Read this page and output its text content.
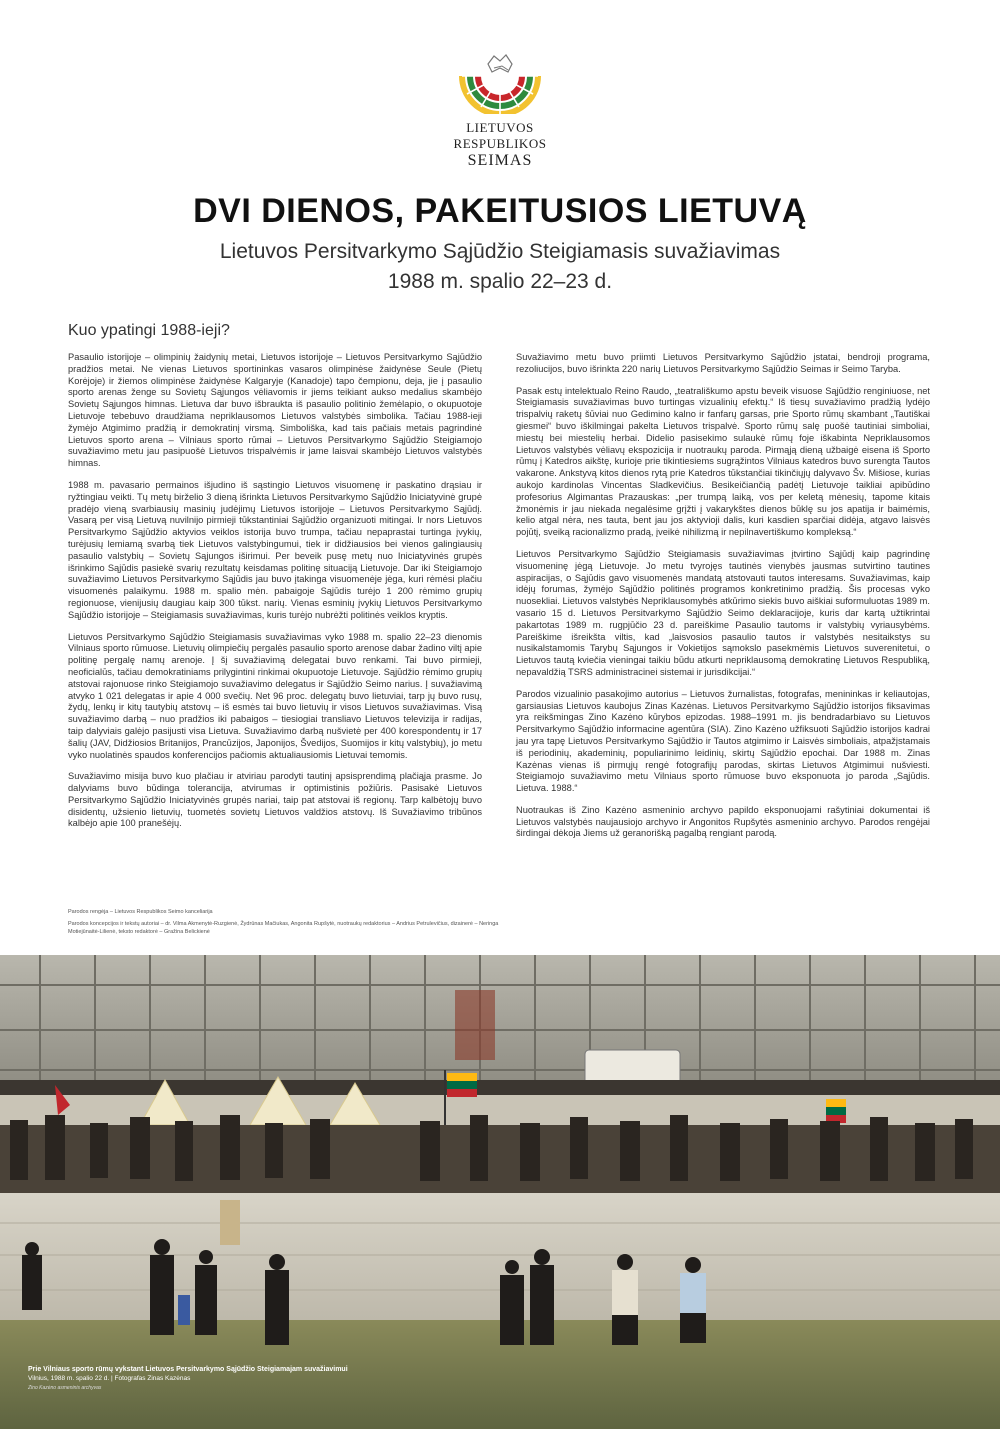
LIETUVOS RESPUBLIKOS
SEIMAS
DVI DIENOS, PAKEITUSIOS LIETUVĄ
Lietuvos Persitvarkymo Sąjūdžio Steigiamasis suvažiavimas
1988 m. spalio 22–23 d.
Kuo ypatingi 1988-ieji?

Pasaulio istorijoje – olimpinių žaidynių metai, Lietuvos istorijoje – Lietuvos Persitvarkymo Sąjūdžio pradžios metai. Ne vienas Lietuvos sportininkas vasaros olimpinėse žaidynėse Seule (Pietų Korėjoje) ir žiemos olimpinėse žaidynėse Kalgaryje (Kanadoje) tapo čempionu, deja, jie į pasaulio sporto arenas ženge su Sovietų Sąjungos vėliavomis ir jiems teikiant aukso medalius skambėjo Sovietų Sąjungos himnas. Lietuva dar buvo išbraukta iš pasaulio politinio žemėlapio, o okupuotoje Lietuvoje tebebuvo draudžiama nepriklausomos Lietuvos valstybės simbolika. Tačiau 1988-ieji žymėjo Atgimimo pradžią ir demokratinį virsmą. Simboliška, kad tais pačiais metais pagrindinė Lietuvos sporto arena – Vilniaus sporto rūmai – Lietuvos Persitvarkymo Sąjūdžio Steigiamojo suvažiavimo metu jau pasipuošė Lietuvos trispalvėmis ir jame laisvai skambėjo Lietuvos valstybės himnas.

1988 m. pavasario permainos išjudino iš sąstingio Lietuvos visuomenę ir paskatino drąsiau ir ryžtingiau veikti. Tų metų birželio 3 dieną išrinkta Lietuvos Persitvarkymo Sąjūdžio Iniciatyvinė grupė pradėjo vieną svarbiausių masinių judėjimų Lietuvos istorijoje – Lietuvos Persitvarkymo Sąjūdį. Vasarą per visą Lietuvą nuvilnijo pirmieji tūkstantiniai Sąjūdžio organizuoti mitingai. Ir nors Lietuvos Persitvarkymo Sąjūdžio aktyvios veiklos istorija buvo trumpa, tačiau nepaprastai turtinga įvykių, turėjusių lemiamą svarbą tiek Lietuvos valstybingumui, tiek ir didžiausios bei vienos galingiausių pasaulio valstybių – Sovietų Sąjungos iširimui. Per beveik pusę metų nuo Iniciatyvinės grupės išrinkimo Sąjūdis pasiekė svarių rezultatų keisdamas politinę situaciją Lietuvoje. Dar iki Steigiamojo suvažiavimo Lietuvos Persitvarkymo Sąjūdis jau buvo įtakinga visuomenėje jėga, kuri rėmėsi plačiu visuomenės palaikymu. 1988 m. spalio mėn. pabaigoje Sąjūdis turėjo 1 200 rėmimo grupių regionuose, vienijusių daugiau kaip 300 tūkst. narių. Vienas esminių įvykių Lietuvos Persitvarkymo Sąjūdžio istorijoje – Steigiamasis suvažiavimas, kuris turėjo nubrėžti politinės veiklos kryptis.

Lietuvos Persitvarkymo Sąjūdžio Steigiamasis suvažiavimas vyko 1988 m. spalio 22–23 dienomis Vilniaus sporto rūmuose. Lietuvių olimpiečių pergalės pasaulio sporto arenose dabar žadino viltį apie politinę pergalę namų arenoje. Į šį suvažiavimą delegatai buvo renkami. Tai buvo pirmieji, neoficialūs, tačiau demokratiniams prilygintini rinkimai okupuotoje Lietuvoje. Sąjūdžio rėmimo grupių atstovai rajonuose rinko Steigiamojo suvažiavimo delegatus ir Sąjūdžio Seimo narius. Į suvažiavimą atvyko 1 021 delegatas ir apie 4 000 svečių. Net 96 proc. delegatų buvo lietuviai, tarp jų buvo rusų, žydų, lenkų ir kitų tautybių atstovų – iš esmės tai buvo lietuvių ir visos Lietuvos suvažiavimas. Visą suvažiavimo darbą – nuo pradžios iki pabaigos – tiesiogiai transliavo Lietuvos televizija ir radijas, taip dalyviais galėjo pasijusti visa Lietuva. Suvažiavimo darbą nušvietė per 400 korespondentų ir 17 šalių (JAV, Didžiosios Britanijos, Prancūzijos, Japonijos, Švedijos, Suomijos ir kitų valstybių), jo metu vyko nuolatinės spaudos konferencijos pačiomis aktualiausiomis Lietuvai temomis.

Suvažiavimo misija buvo kuo plačiau ir atviriau parodyti tautinį apsisprendimą plačiąja prasme. Jo dalyviams buvo būdinga tolerancija, atvirumas ir optimistinis požiūris. Pasisakė Lietuvos Persitvarkymo Sąjūdžio Iniciatyvinės grupės nariai, taip pat atstovai iš regionų. Tarp kalbėtojų buvo disidentų, užsienio lietuvių, tuometės sovietų Lietuvos valdžios atstovų. Iš Suvažiavimo tribūnos kalbėjo apie 100 pranešėjų.

Suvažiavimo metu buvo priimti Lietuvos Persitvarkymo Sąjūdžio įstatai, bendroji programa, rezoliucijos, buvo išrinkta 220 narių Lietuvos Persitvarkymo Sąjūdžio Seimas ir Seimo Taryba.

Pasak estų intelektualo Reino Raudo, „teatrališkumo apstu beveik visuose Sąjūdžio renginiuose, net Steigiamasis suvažiavimas buvo turtingas vizualinių efektų.“ Iš tiesų suvažiavimo pradžią lydėjo trispalvių raketų šūviai nuo Gedimino kalno ir fanfarų garsas, prie Sporto rūmų skambant „Tautiškai giesmei“ buvo iškilmingai pakelta Lietuvos trispalvė. Sporto rūmų salę puošė tautiniai simboliai, miestų bei miestelių herbai. Didelio pasisekimo sulaukė rūmų foje iškabinta Nepriklausomos Lietuvos valstybės vėliavų ekspozicija ir nuotraukų paroda. Pirmąją dieną užbaigė eisena iš Sporto rūmų į Katedros aikštę, kurioje prie tikintiesiems sugrąžintos Vilniaus katedros buvo surengta Tautos vakarone. Ankstyvą kitos dienos rytą prie Katedros tūkstančiai tikinčiųjų dalyvavo Šv. Mišiose, kurias aukojo kardinolas Vincentas Sladkevičius. Besikeičiančią padėtį Lietuvoje taikliai apibūdino profesorius Algimantas Prazauskas: „per trumpą laiką, vos per keletą mėnesių, tapome kitais žmonėmis ir jau niekada negalėsime grįžti į vakarykštes dienos būklę su jos apatija ir baimėmis, kelio atgal nėra, nes tauta, bent jau jos aktyvioji dalis, kuri kasdien sparčiai didėja, atgavo laisvės pojūtį, sveiką racionalizmo pradą, įveikė nihilizmą ir nepilnavertiškumo kompleksą.“

Lietuvos Persitvarkymo Sąjūdžio Steigiamasis suvažiavimas įtvirtino Sąjūdį kaip pagrindinę visuomeninę jėgą Lietuvoje. Jo metu tvyrojęs tautinės vienybės jausmas sutvirtino tautines aspiracijas, o Sąjūdis gavo visuomenės mandatą atstovauti tautos interesams. Suvažiavimas, kaip idėjų forumas, žymėjo Sąjūdžio politinės programos konkretinimo pradžią. Šis procesas vyko nuosekliai. Lietuvos valstybės Nepriklausomybės atkūrimo siekis buvo aiškiai suformuluotas 1989 m. vasario 15 d. Lietuvos Persitvarkymo Sąjūdžio Seimo deklaracijoje, kuris dar kartą užtikrintai pakartotas 1989 m. rugpjūčio 23 d. pareiškime Pasaulio tautoms ir valstybių vyriausybėms. Pareiškime išreikšta viltis, kad „laisvosios pasaulio tautos ir valstybės nesitaikstys su nusikalstamomis Tarybų Sąjungos ir Vokietijos sąmokslo pasekmėmis Lietuvos suverenitetui, o Lietuvos tautą kviečia vieningai taikiu būdu atkurti nepriklausomą demokratinę Lietuvos Respubliką, nepavaldžią TSRS administracinei sistemai ir jurisdikcijai.“

Parodos vizualinio pasakojimo autorius – Lietuvos žurnalistas, fotografas, menininkas ir keliautojas, garsiausias Lietuvos kaubojus Zinas Kazėnas. Lietuvos Persitvarkymo Sąjūdžio istorijos fiksavimas yra reikšmingas Zino Kazėno kūrybos epizodas. 1988–1991 m. jis bendradarbiavo su Lietuvos Persitvarkymo Sąjūdžio informacine agentūra (SIA). Zino Kazėno užfiksuoti Sąjūdžio istorijos kadrai jau yra tapę Lietuvos Persitvarkymo Sąjūdžio ir Tautos atgimimo ir Laisvės simboliais, atpažįstamais iš periodinių, akademinių, populiarinimo leidinių, skirtų Sąjūdžio epochai. Dar 1988 m. Zinas Kazėnas vienas iš pirmųjų rengė fotografijų parodas, skirtas Lietuvos Atgimimui nušviesti. Steigiamojo suvažiavimo metu Vilniaus sporto rūmuose buvo eksponuota jo paroda „Sąjūdis. Lietuva. 1988.“

Nuotraukas iš Zino Kazėno asmeninio archyvo papildo eksponuojami rašytiniai dokumentai iš Lietuvos valstybės naujausiojo archyvo ir Angonitos Rupšytės asmeninio archyvo. Parodos rengėjai širdingai dėkoja Jiems už geranorišką pagalbą rengiant parodą.

Parodos rengėja – Lietuvos Respublikos Seimo kanceliarija

Parodos koncepcijos ir tekstų autoriai – dr. Vilma Akmenytė-Ruzgienė, Žydrūnas Mačiukas, Angonita Rupšytė, nuotraukų redaktorius – Andrius Petrulevičius, dizainerė – Neringa Motiejūnaitė-Lilienė, teksto redaktorė – Gražina Belickienė

Prie Vilniaus sporto rūmų vykstant Lietuvos Persitvarkymo Sąjūdžio Steigiamajam suvažiavimui
Vilnius, 1988 m. spalio 22 d. | Fotografas Zinas Kazėnas
Zino Kazėno asmeninis archyvas
